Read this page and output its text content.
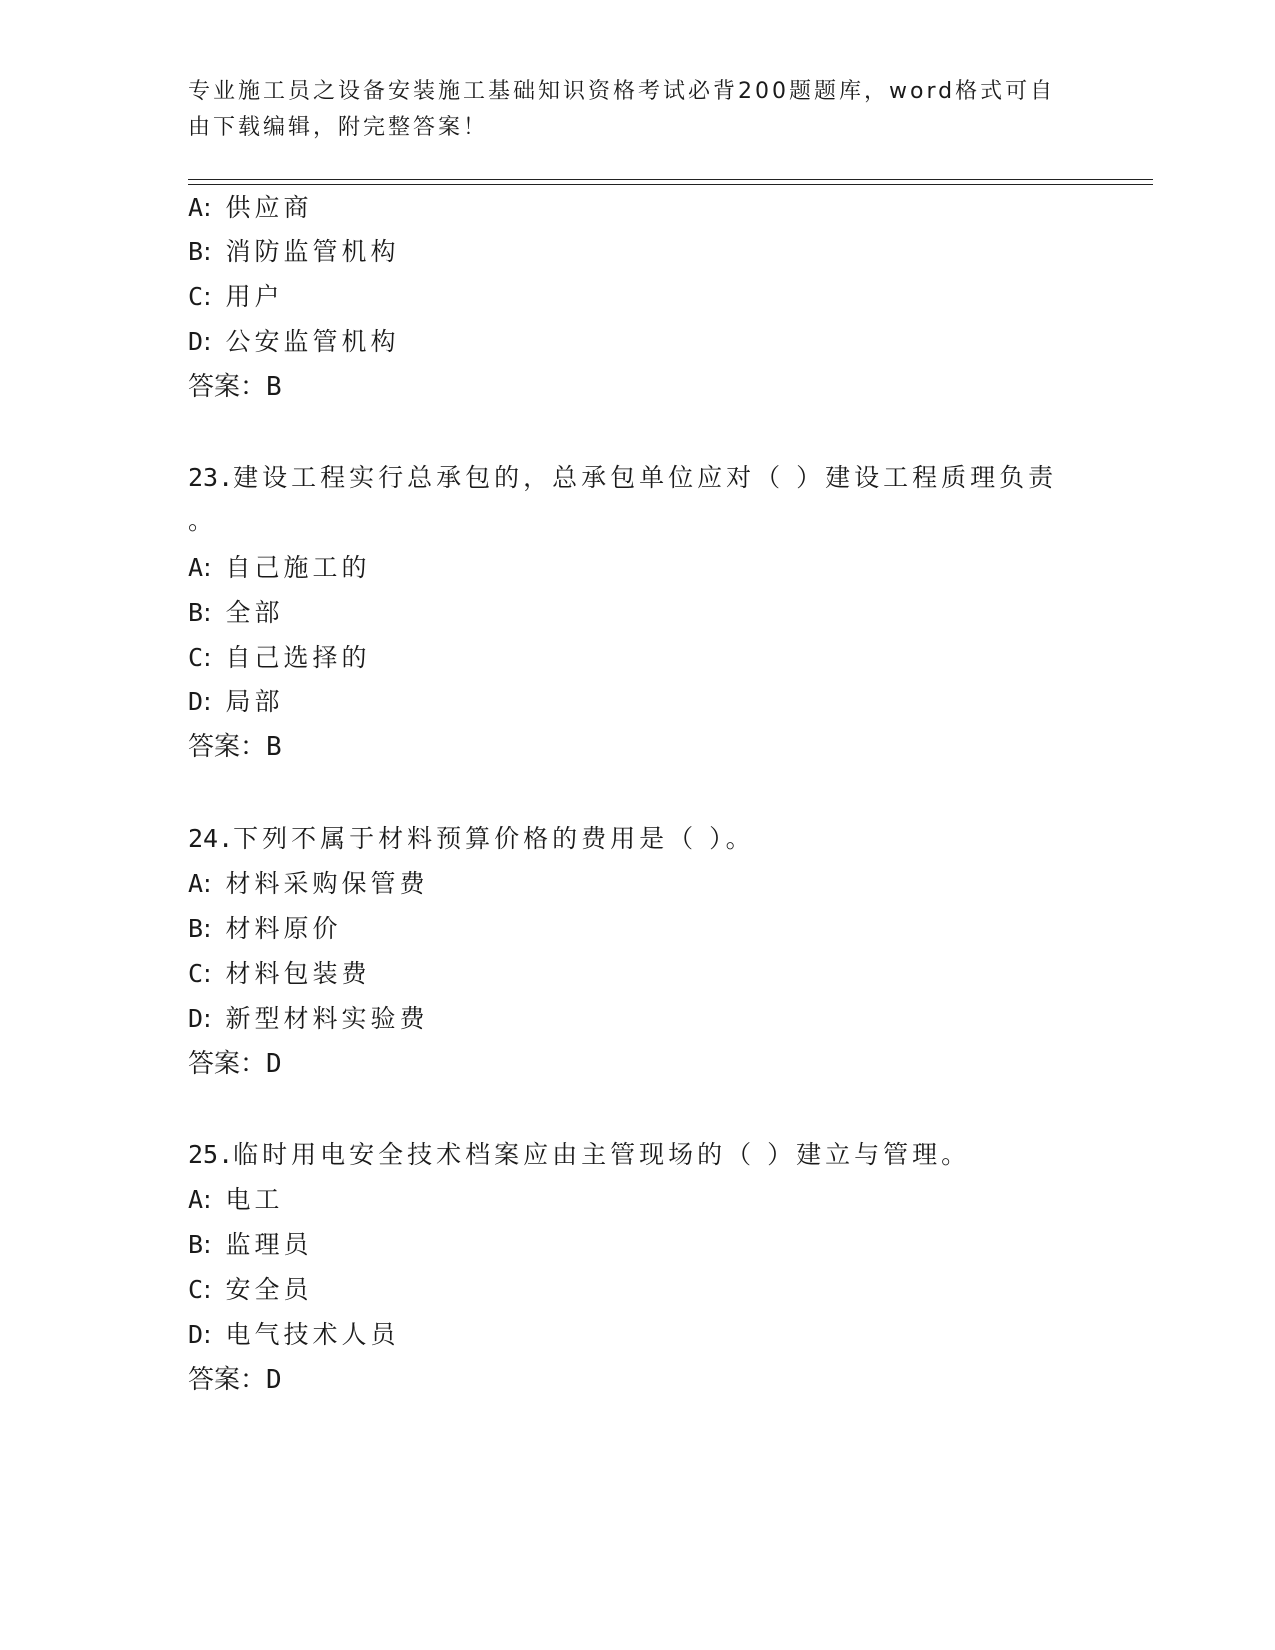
专业施工员之设备安装施工基础知识资格考试必背200题题库，word格式可自由下载编辑，附完整答案！
A: 供应商
B: 消防监管机构
C: 用户
D: 公安监管机构
答案：B
23.建设工程实行总承包的，总承包单位应对（ ）建设工程质理负责
。
A: 自己施工的
B: 全部
C: 自己选择的
D: 局部
答案：B
24.下列不属于材料预算价格的费用是（ ）。
A: 材料采购保管费
B: 材料原价
C: 材料包装费
D: 新型材料实验费
答案：D
25.临时用电安全技术档案应由主管现场的（ ）建立与管理。
A: 电工
B: 监理员
C: 安全员
D: 电气技术人员
答案：D
